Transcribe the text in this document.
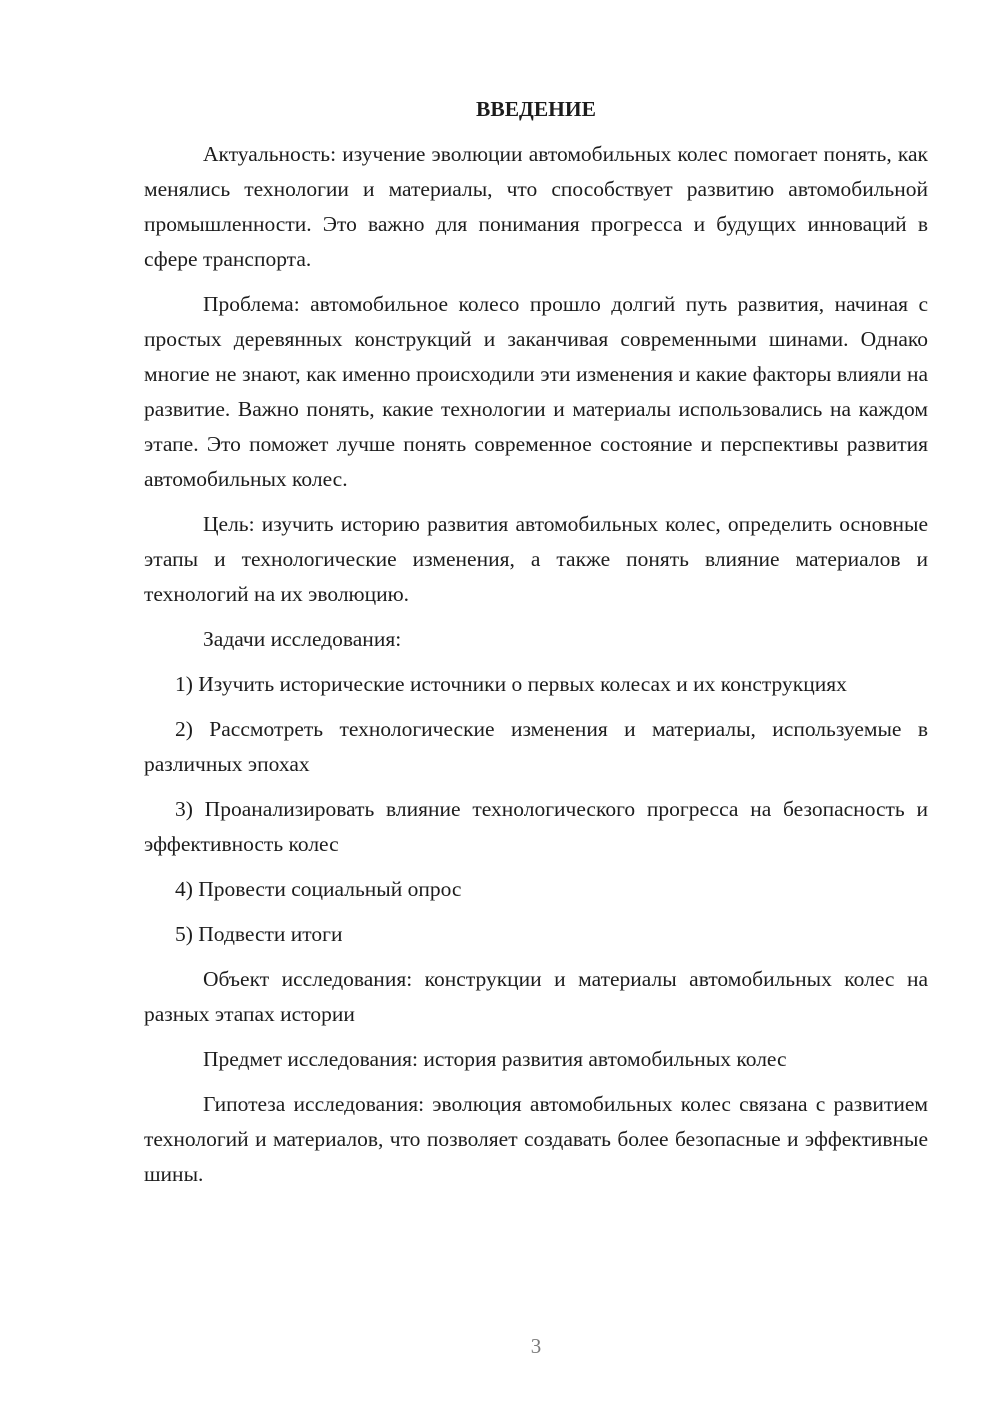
ВВЕДЕНИЕ

Актуальность: изучение эволюции автомобильных колес помогает понять, как менялись технологии и материалы, что способствует развитию автомобильной промышленности. Это важно для понимания прогресса и будущих инноваций в сфере транспорта.

Проблема: автомобильное колесо прошло долгий путь развития, начиная с простых деревянных конструкций и заканчивая современными шинами. Однако многие не знают, как именно происходили эти изменения и какие факторы влияли на развитие. Важно понять, какие технологии и материалы использовались на каждом этапе. Это поможет лучше понять современное состояние и перспективы развития автомобильных колес.

Цель: изучить историю развития автомобильных колес, определить основные этапы и технологические изменения, а также понять влияние материалов и технологий на их эволюцию.

Задачи исследования:

1) Изучить исторические источники о первых колесах и их конструкциях

2) Рассмотреть технологические изменения и материалы, используемые в различных эпохах

3) Проанализировать влияние технологического прогресса на безопасность и эффективность колес

4) Провести социальный опрос

5) Подвести итоги

Объект исследования: конструкции и материалы автомобильных колес на разных этапах истории

Предмет исследования: история развития автомобильных колес

Гипотеза исследования: эволюция автомобильных колес связана с развитием технологий и материалов, что позволяет создавать более безопасные и эффективные шины.

3
